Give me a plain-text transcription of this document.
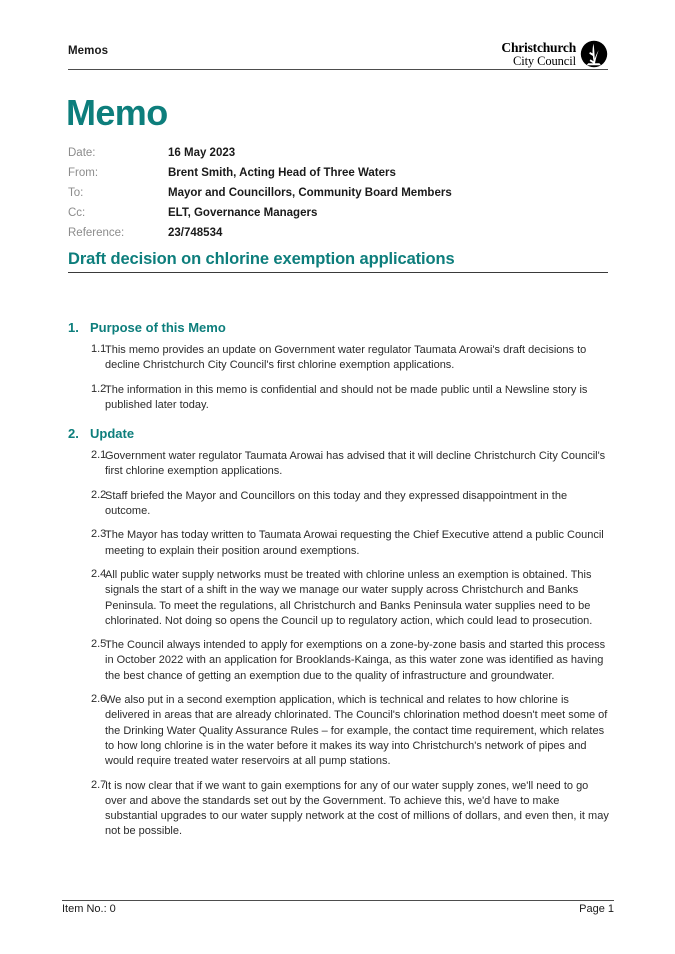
Memos	Christchurch
City Council
Memo
Date:	16 May 2023
From:	Brent Smith, Acting Head of Three Waters
To:	Mayor and Councillors, Community Board Members
Cc:	ELT, Governance Managers
Reference:	23/748534
Draft decision on chlorine exemption applications
1. Purpose of this Memo
1.1
This memo provides an update on Government water regulator Taumata Arowai's draft decisions to decline Christchurch City Council's first chlorine exemption applications.
1.2
The information in this memo is confidential and should not be made public until a Newsline story is published later today.
2. Update
2.1
Government water regulator Taumata Arowai has advised that it will decline Christchurch City Council's first chlorine exemption applications.
2.2
Staff briefed the Mayor and Councillors on this today and they expressed disappointment in the outcome.
2.3
The Mayor has today written to Taumata Arowai requesting the Chief Executive attend a public Council meeting to explain their position around exemptions.
2.4
All public water supply networks must be treated with chlorine unless an exemption is obtained. This signals the start of a shift in the way we manage our water supply across Christchurch and Banks Peninsula. To meet the regulations, all Christchurch and Banks Peninsula water supplies need to be chlorinated. Not doing so opens the Council up to regulatory action, which could lead to prosecution.
2.5
The Council always intended to apply for exemptions on a zone-by-zone basis and started this process in October 2022 with an application for Brooklands-Kainga, as this water zone was identified as having the best chance of getting an exemption due to the quality of infrastructure and groundwater.
2.6
We also put in a second exemption application, which is technical and relates to how chlorine is delivered in areas that are already chlorinated. The Council's chlorination method doesn't meet some of the Drinking Water Quality Assurance Rules – for example, the contact time requirement, which relates to how long chlorine is in the water before it makes its way into Christchurch's network of pipes and would require treated water reservoirs at all pump stations.
2.7
It is now clear that if we want to gain exemptions for any of our water supply zones, we'll need to go over and above the standards set out by the Government. To achieve this, we'd have to make substantial upgrades to our water supply network at the cost of millions of dollars, and even then, it may not be possible.
Item No.: 0	Page 1
